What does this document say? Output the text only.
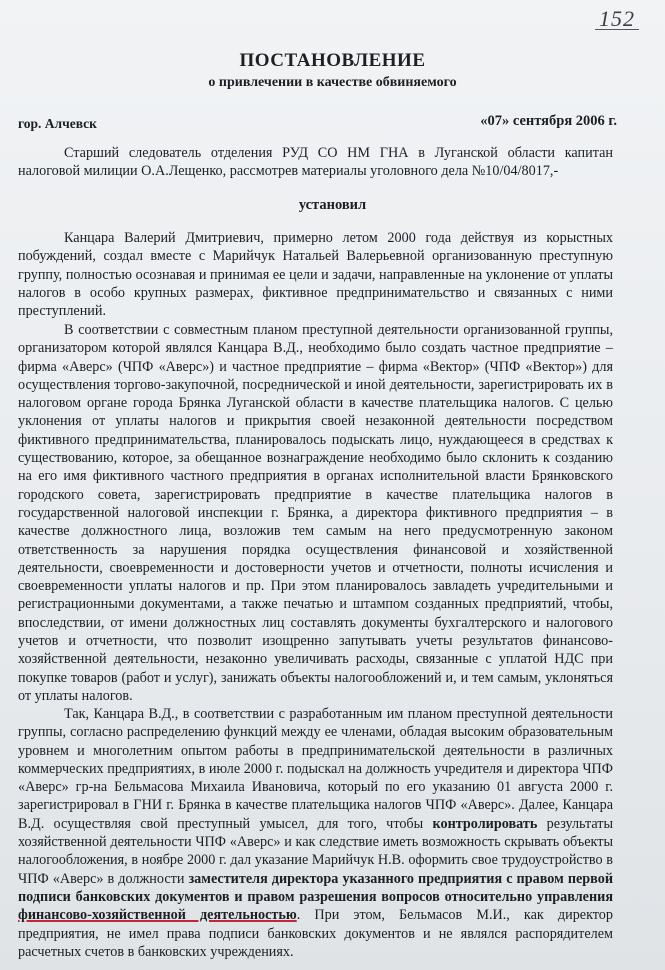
152
ПОСТАНОВЛЕНИЕ
о привлечении в качестве обвиняемого
гор. Алчевск	«07» сентября 2006 г.
Старший следователь отделения РУД СО НМ ГНА в Луганской области капитан налоговой милиции О.А.Лещенко, рассмотрев материалы уголовного дела №10/04/8017,-
установил
Канцара Валерий Дмитриевич, примерно летом 2000 года действуя из корыстных побуждений, создал вместе с Марийчук Натальей Валерьевной организованную преступную группу, полностью осознавая и принимая ее цели и задачи, направленные на уклонение от уплаты налогов в особо крупных размерах, фиктивное предпринимательство и связанных с ними преступлений.
В соответствии с совместным планом преступной деятельности организованной группы, организатором которой являлся Канцара В.Д., необходимо было создать частное предприятие – фирма «Аверс» (ЧПФ «Аверс») и частное предприятие – фирма «Вектор» (ЧПФ «Вектор») для осуществления торгово-закупочной, посреднической и иной деятельности, зарегистрировать их в налоговом органе города Брянка Луганской области в качестве плательщика налогов. С целью уклонения от уплаты налогов и прикрытия своей незаконной деятельности посредством фиктивного предпринимательства, планировалось подыскать лицо, нуждающееся в средствах к существованию, которое, за обещанное вознаграждение необходимо было склонить к созданию на его имя фиктивного частного предприятия в органах исполнительной власти Брянковского городского совета, зарегистрировать предприятие в качестве плательщика налогов в государственной налоговой инспекции г. Брянка, а директора фиктивного предприятия – в качестве должностного лица, возложив тем самым на него предусмотренную законом ответственность за нарушения порядка осуществления финансовой и хозяйственной деятельности, своевременности и достоверности учетов и отчетности, полноты исчисления и своевременности уплаты налогов и пр. При этом планировалось завладеть учредительными и регистрационными документами, а также печатью и штампом созданных предприятий, чтобы, впоследствии, от имени должностных лиц составлять документы бухгалтерского и налогового учетов и отчетности, что позволит изощренно запутывать учеты результатов финансово-хозяйственной деятельности, незаконно увеличивать расходы, связанные с уплатой НДС при покупке товаров (работ и услуг), занижать объекты налогообложений и, и тем самым, уклоняться от уплаты налогов.
Так, Канцара В.Д., в соответствии с разработанным им планом преступной деятельности группы, согласно распределению функций между ее членами, обладая высоким образовательным уровнем и многолетним опытом работы в предпринимательской деятельности в различных коммерческих предприятиях, в июле 2000 г. подыскал на должность учредителя и директора ЧПФ «Аверс» гр-на Бельмасова Михаила Ивановича, который по его указанию 01 августа 2000 г. зарегистрировал в ГНИ г. Брянка в качестве плательщика налогов ЧПФ «Аверс». Далее, Канцара В.Д. осуществляя свой преступный умысел, для того, чтобы контролировать результаты хозяйственной деятельности ЧПФ «Аверс» и как следствие иметь возможность скрывать объекты налогообложения, в ноябре 2000 г. дал указание Марийчук Н.В. оформить свое трудоустройство в ЧПФ «Аверс» в должности заместителя директора указанного предприятия с правом первой подписи банковских документов и правом разрешения вопросов относительно управления финансово-хозяйственной деятельностью. При этом, Бельмасов М.И., как директор предприятия, не имел права подписи банковских документов и не являлся распорядителем расчетных счетов в банковских учреждениях.
